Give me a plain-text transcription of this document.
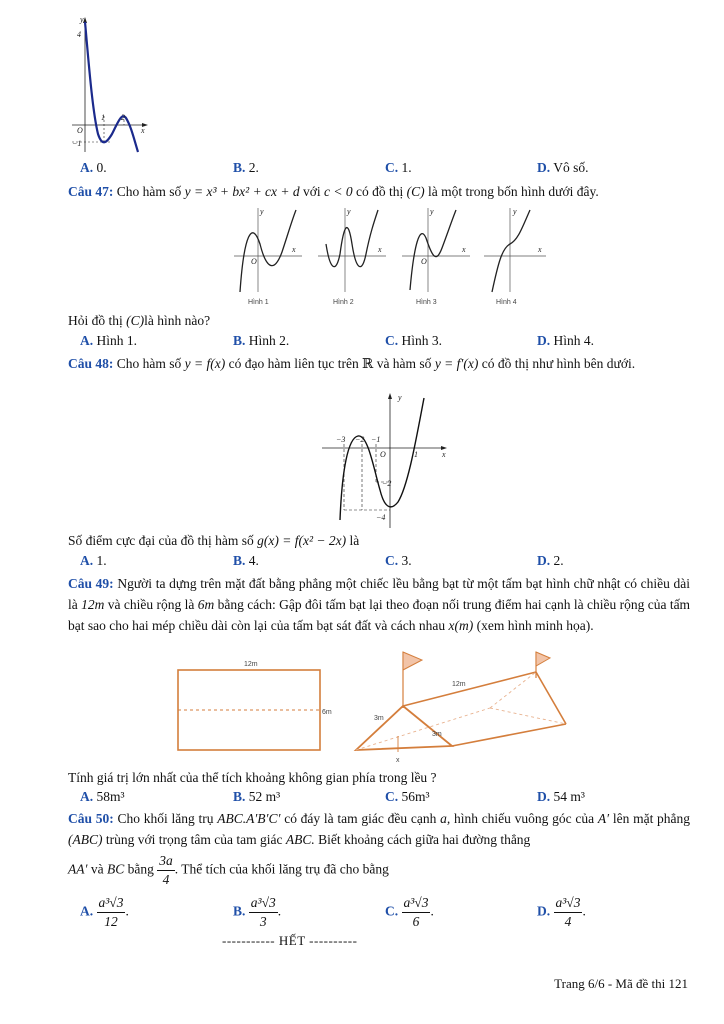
y
4
1 2
O	x
−1
A. 0.	B. 2.	C. 1.	D. Vô số.
Câu 47: Cho hàm số y = x³ + bx² + cx + d với c < 0 có đồ thị (C) là một trong bốn hình dưới đây.
y
x
O
Hình 1
y
x
Hình 2
y
x
O
Hình 3
y
x
Hình 4
Hỏi đồ thị (C)là hình nào?
A. Hình 1.	B. Hình 2.	C. Hình 3.	D. Hình 4.
Câu 48: Cho hàm số y = f(x) có đạo hàm liên tục trên ℝ và hàm số y = f′(x) có đồ thị như hình bên dưới.
y
−3 −2 −1
O	1	x
−2
−4
Số điểm cực đại của đồ thị hàm số g(x) = f(x² − 2x) là
A. 1.	B. 4.	C. 3.	D. 2.
Câu 49: Người ta dựng trên mặt đất bằng phẳng một chiếc lều bằng bạt từ một tấm bạt hình chữ nhật có chiều dài là 12m và chiều rộng là 6m bằng cách: Gập đôi tấm bạt lại theo đoạn nối trung điểm hai cạnh là chiều rộng của tấm bạt sao cho hai mép chiều dài còn lại của tấm bạt sát đất và cách nhau x(m) (xem hình minh họa).
12m
6m
12m
3m
3m
x
Tính giá trị lớn nhất của thể tích khoảng không gian phía trong lều ?
A. 58m³	B. 52 m³	C. 56m³	D. 54 m³
Câu 50: Cho khối lăng trụ ABC.A′B′C′ có đáy là tam giác đều cạnh a, hình chiếu vuông góc của A′ lên mặt phẳng (ABC) trùng với trọng tâm của tam giác ABC. Biết khoảng cách giữa hai đường thẳng
AA′ và BC bằng $\frac{3a}{4}$ . Thể tích của khối lăng trụ đã cho bằng
A. $\frac{\text{a³√3}}{12}$ .	B. $\frac{\text{a³√3}}{3}$ .	C. $\frac{\text{a³√3}}{6}$ .	D. $\frac{\text{a³√3}}{4}$ .
----------- HẾT ----------
Trang 6/6 - Mã đề thi 121
